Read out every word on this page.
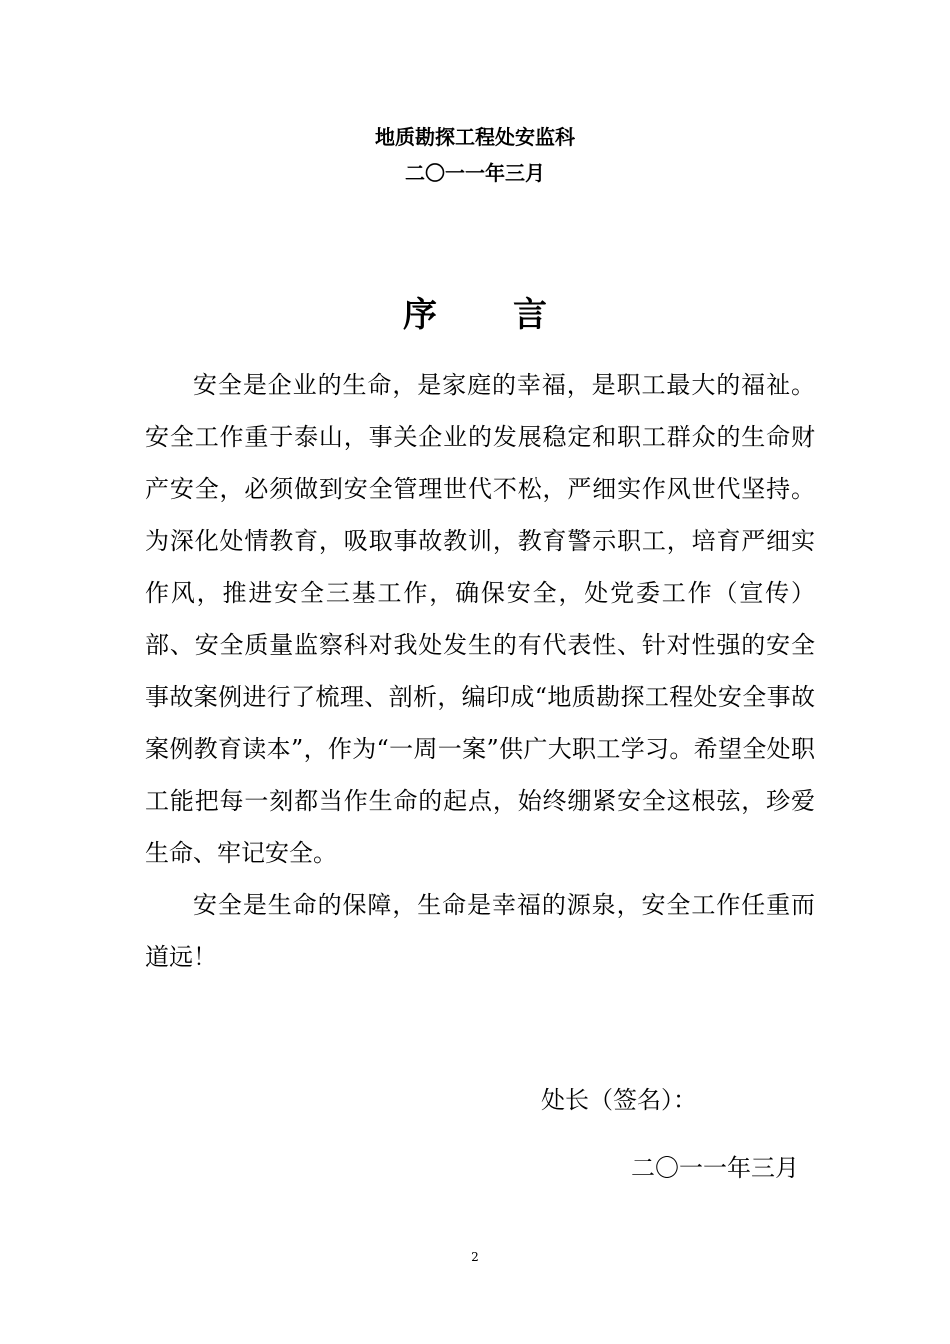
地质勘探工程处安监科
二〇一一年三月
序 言

安全是企业的生命，是家庭的幸福，是职工最大的福祉。安全工作重于泰山，事关企业的发展稳定和职工群众的生命财产安全，必须做到安全管理世代不松，严细实作风世代坚持。为深化处情教育，吸取事故教训，教育警示职工，培育严细实作风，推进安全三基工作，确保安全，处党委工作（宣传）部、安全质量监察科对我处发生的有代表性、针对性强的安全事故案例进行了梳理、剖析，编印成“地质勘探工程处安全事故案例教育读本”，作为“一周一案”供广大职工学习。希望全处职工能把每一刻都当作生命的起点，始终绷紧安全这根弦，珍爱生命、牢记安全。

安全是生命的保障，生命是幸福的源泉，安全工作任重而道远！

处长（签名）：
二〇一一年三月
2
